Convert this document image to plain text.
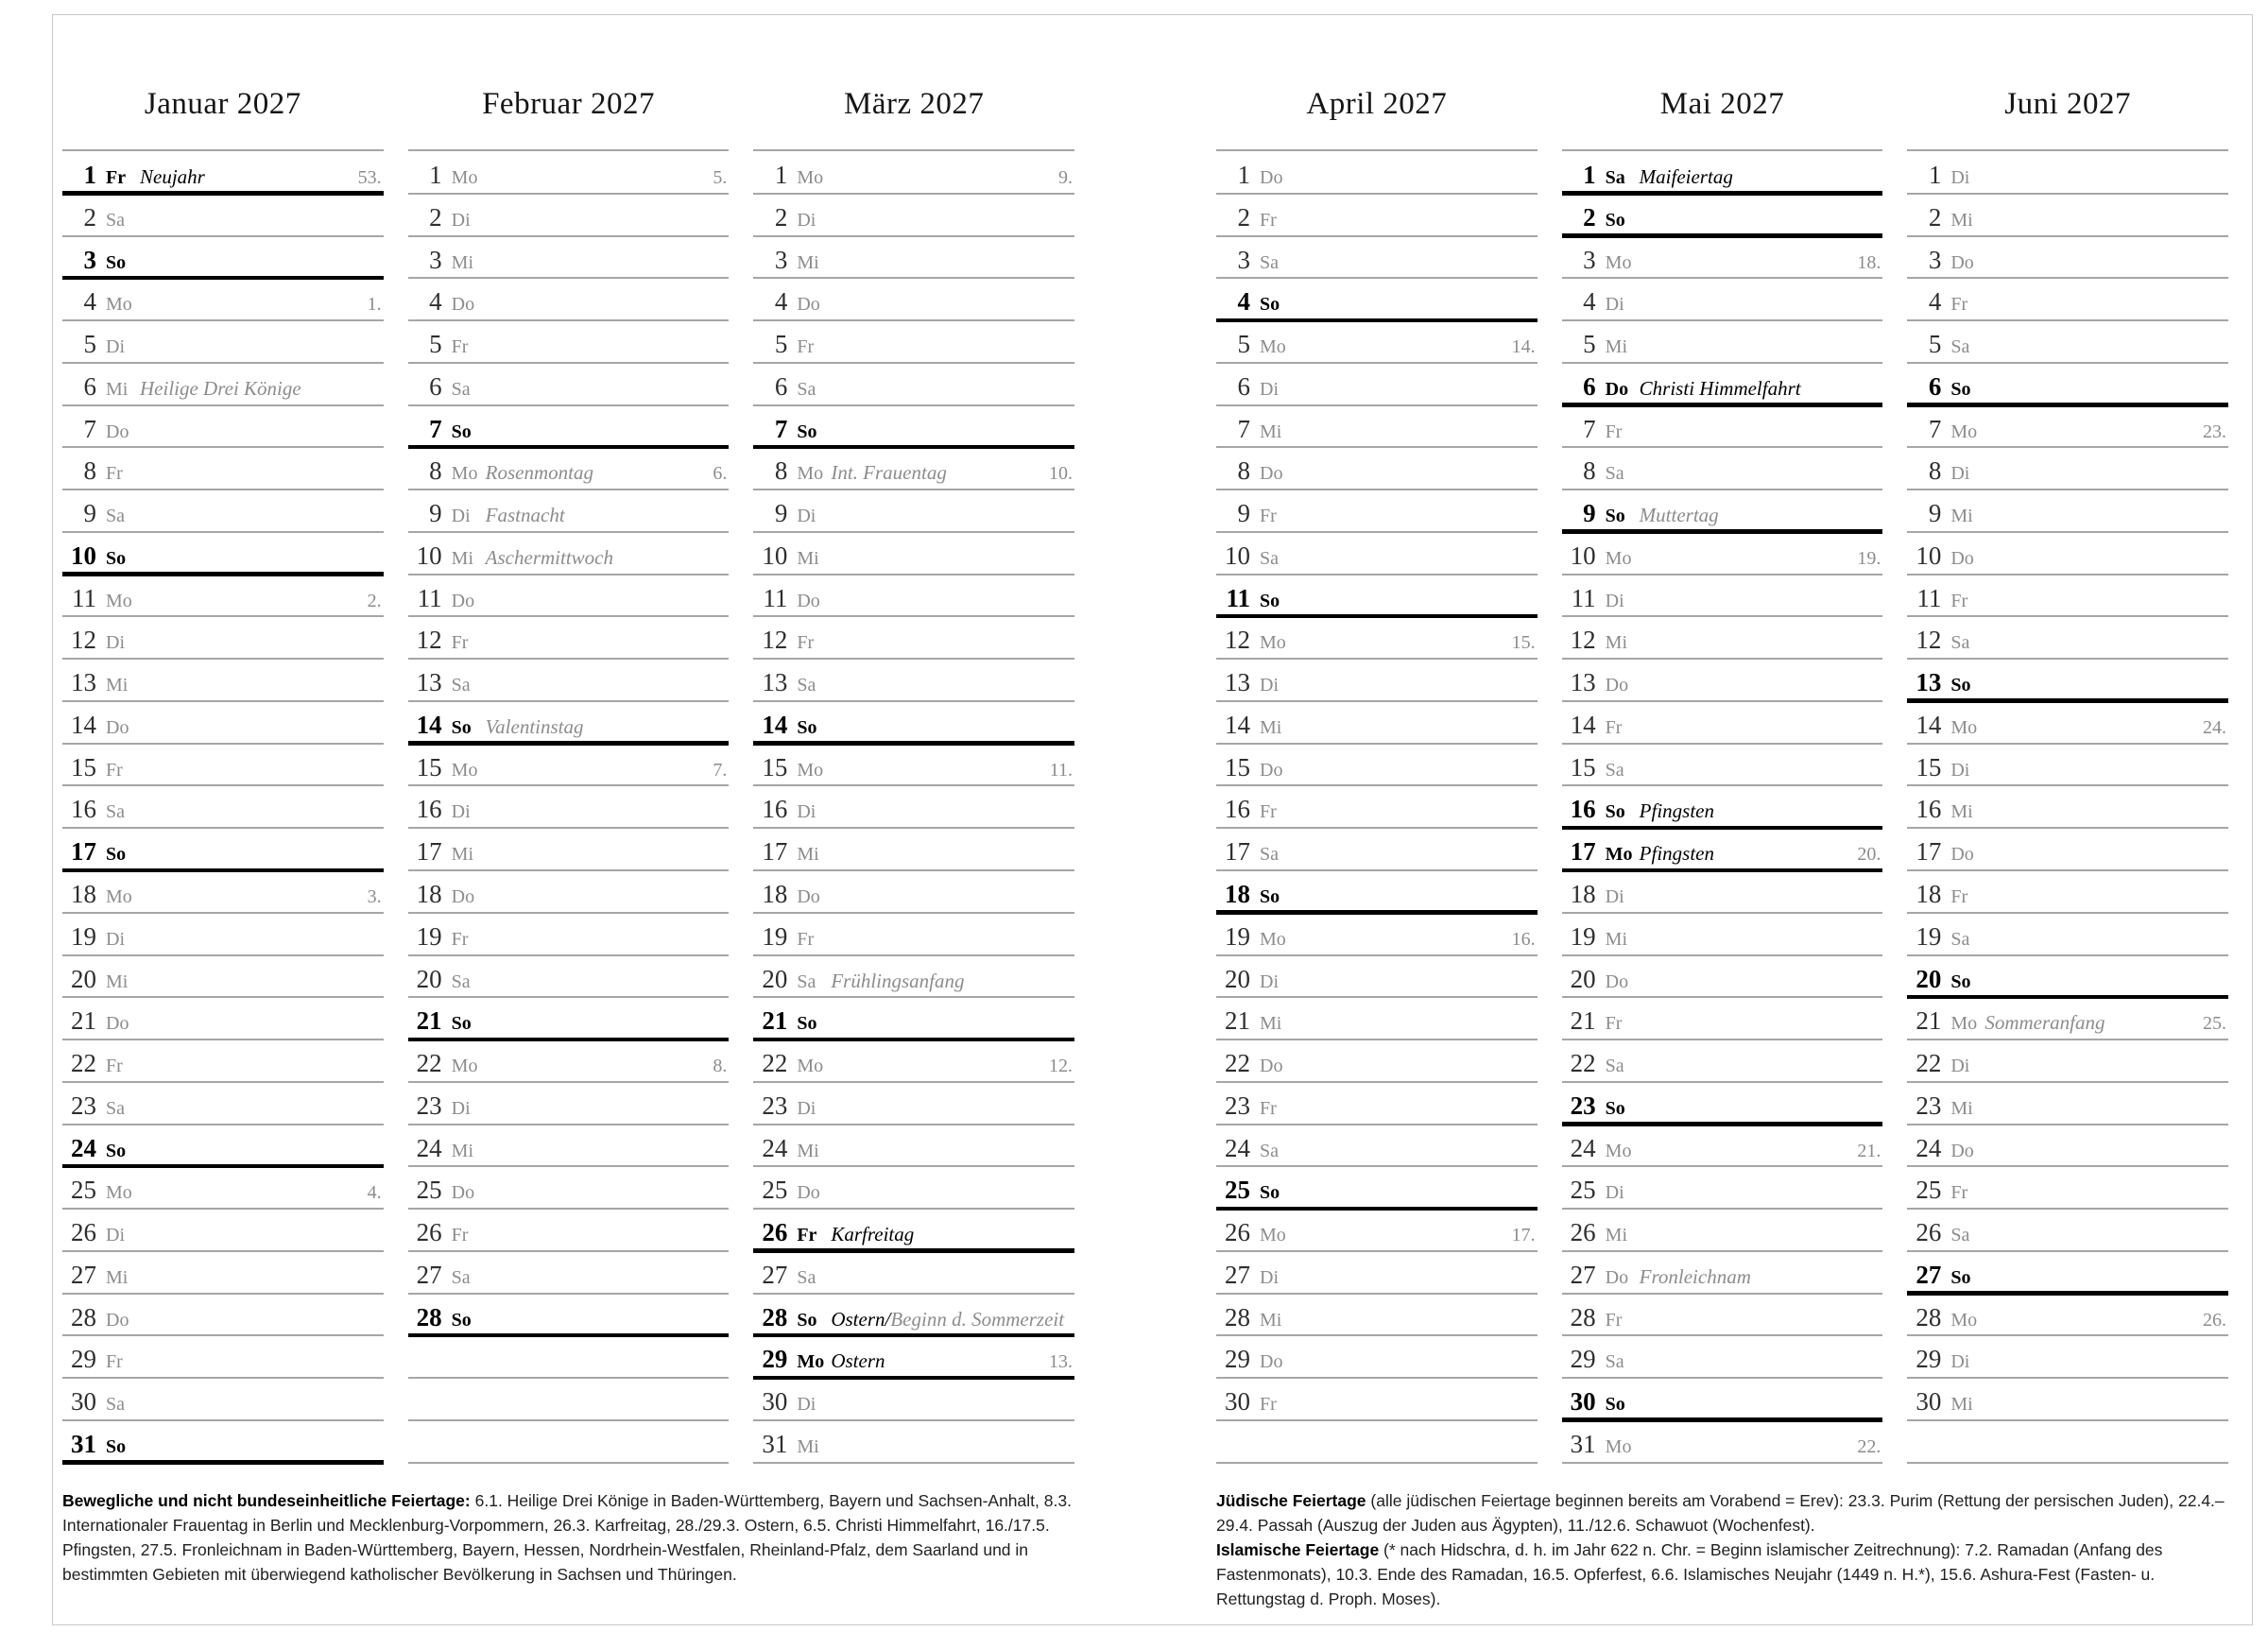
Januar 2027
1 Fr Neujahr	53.
2 Sa
3 So
4 Mo	1.
5 Di
6 Mi Heilige Drei Könige
7 Do
8 Fr
9 Sa
10 So
11 Mo	2.
12 Di
13 Mi
14 Do
15 Fr
16 Sa
17 So
18 Mo	3.
19 Di
20 Mi
21 Do
22 Fr
23 Sa
24 So
25 Mo	4.
26 Di
27 Mi
28 Do
29 Fr
30 Sa
31 So
Februar 2027
1 Mo	5.
2 Di
3 Mi
4 Do
5 Fr
6 Sa
7 So
8 Mo Rosenmontag	6.
9 Di Fastnacht
10 Mi Aschermittwoch
11 Do
12 Fr
13 Sa
14 So Valentinstag
15 Mo	7.
16 Di
17 Mi
18 Do
19 Fr
20 Sa
21 So
22 Mo	8.
23 Di
24 Mi
25 Do
26 Fr
27 Sa
28 So
März 2027
1 Mo	9.
2 Di
3 Mi
4 Do
5 Fr
6 Sa
7 So
8 Mo Int. Frauentag	10.
9 Di
10 Mi
11 Do
12 Fr
13 Sa
14 So
15 Mo	11.
16 Di
17 Mi
18 Do
19 Fr
20 Sa Frühlingsanfang
21 So
22 Mo	12.
23 Di
24 Mi
25 Do
26 Fr Karfreitag
27 Sa
28 So Ostern/ Beginn d. Sommerzeit
29 Mo Ostern	13.
30 Di
31 Mi
April 2027
1 Do
2 Fr
3 Sa
4 So
5 Mo	14.
6 Di
7 Mi
8 Do
9 Fr
10 Sa
11 So
12 Mo	15.
13 Di
14 Mi
15 Do
16 Fr
17 Sa
18 So
19 Mo	16.
20 Di
21 Mi
22 Do
23 Fr
24 Sa
25 So
26 Mo	17.
27 Di
28 Mi
29 Do
30 Fr
Mai 2027
1 Sa Maifeiertag
2 So
3 Mo	18.
4 Di
5 Mi
6 Do Christi Himmelfahrt
7 Fr
8 Sa
9 So Muttertag
10 Mo	19.
11 Di
12 Mi
13 Do
14 Fr
15 Sa
16 So Pfingsten
17 Mo Pfingsten	20.
18 Di
19 Mi
20 Do
21 Fr
22 Sa
23 So
24 Mo	21.
25 Di
26 Mi
27 Do Fronleichnam
28 Fr
29 Sa
30 So
31 Mo	22.
Juni 2027
1 Di
2 Mi
3 Do
4 Fr
5 Sa
6 So
7 Mo	23.
8 Di
9 Mi
10 Do
11 Fr
12 Sa
13 So
14 Mo	24.
15 Di
16 Mi
17 Do
18 Fr
19 Sa
20 So
21 Mo Sommeranfang	25.
22 Di
23 Mi
24 Do
25 Fr
26 Sa
27 So
28 Mo	26.
29 Di
30 Mi

Bewegliche und nicht bundeseinheitliche Feiertage: 6.1. Heilige Drei Könige in Baden-Württemberg, Bayern und Sachsen-Anhalt, 8.3. Internationaler Frauentag in Berlin und Mecklenburg-Vorpommern, 26.3. Karfreitag, 28./29.3. Ostern, 6.5. Christi Himmelfahrt, 16./17.5. Pfingsten, 27.5. Fronleichnam in Baden-Württemberg, Bayern, Hessen, Nordrhein-Westfalen, Rheinland-Pfalz, dem Saarland und in bestimmten Gebieten mit überwiegend katholischer Bevölkerung in Sachsen und Thüringen.

Jüdische Feiertage (alle jüdischen Feiertage beginnen bereits am Vorabend = Erev): 23.3. Purim (Rettung der persischen Juden), 22.4.–29.4. Passah (Auszug der Juden aus Ägypten), 11./12.6. Schawuot (Wochenfest).

Islamische Feiertage (* nach Hidschra, d. h. im Jahr 622 n. Chr. = Beginn islamischer Zeitrechnung): 7.2. Ramadan (Anfang des Fastenmonats), 10.3. Ende des Ramadan, 16.5. Opferfest, 6.6. Islamisches Neujahr (1449 n. H.*), 15.6. Ashura-Fest (Fasten- u. Rettungstag d. Proph. Moses).
